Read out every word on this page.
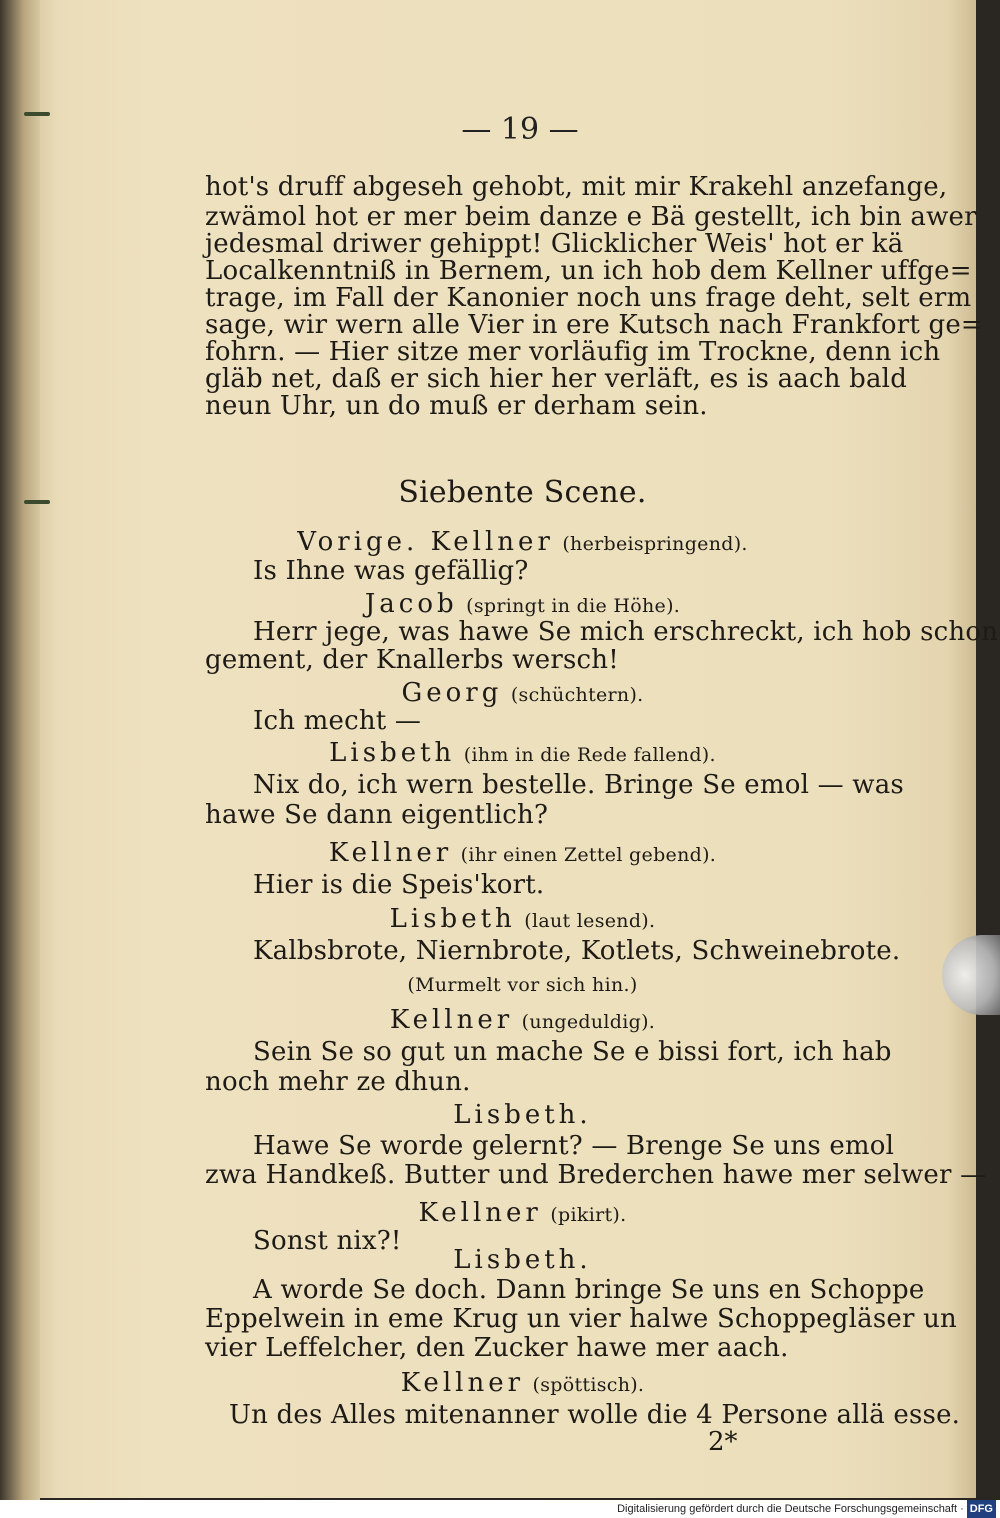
— 19 —
hot's druff abgeseh gehobt, mit mir Krakehl anzefange,
zwämol hot er mer beim danze e Bä gestellt, ich bin awer
jedesmal driwer gehippt! Glicklicher Weis' hot er kä
Localkenntniß in Bernem, un ich hob dem Kellner uffge=
trage, im Fall der Kanonier noch uns frage deht, selt erm
sage, wir wern alle Vier in ere Kutsch nach Frankfort ge=
fohrn. — Hier sitze mer vorläufig im Trockne, denn ich
gläb net, daß er sich hier her verläft, es is aach bald
neun Uhr, un do muß er derham sein.
Siebente Scene.
Vorige. Kellner (herbeispringend).
Is Ihne was gefällig?
Jacob (springt in die Höhe).
Herr jege, was hawe Se mich erschreckt, ich hob schon
gement, der Knallerbs wersch!
Georg (schüchtern).
Ich mecht —
Lisbeth (ihm in die Rede fallend).
Nix do, ich wern bestelle. Bringe Se emol — was
hawe Se dann eigentlich?
Kellner (ihr einen Zettel gebend).
Hier is die Speis'kort.
Lisbeth (laut lesend).
Kalbsbrote, Niernbrote, Kotlets, Schweinebrote.
(Murmelt vor sich hin.)
Kellner (ungeduldig).
Sein Se so gut un mache Se e bissi fort, ich hab
noch mehr ze dhun.
Lisbeth.
Hawe Se worde gelernt? — Brenge Se uns emol
zwa Handkeß. Butter und Brederchen hawe mer selwer —
Kellner (pikirt).
Sonst nix?!
Lisbeth.
A worde Se doch. Dann bringe Se uns en Schoppe
Eppelwein in eme Krug un vier halwe Schoppegläser un
vier Leffelcher, den Zucker hawe mer aach.
Kellner (spöttisch).
Un des Alles mitenanner wolle die 4 Persone allä esse.
2*
Digitalisierung gefördert durch die Deutsche Forschungsgemeinschaft · DFG
